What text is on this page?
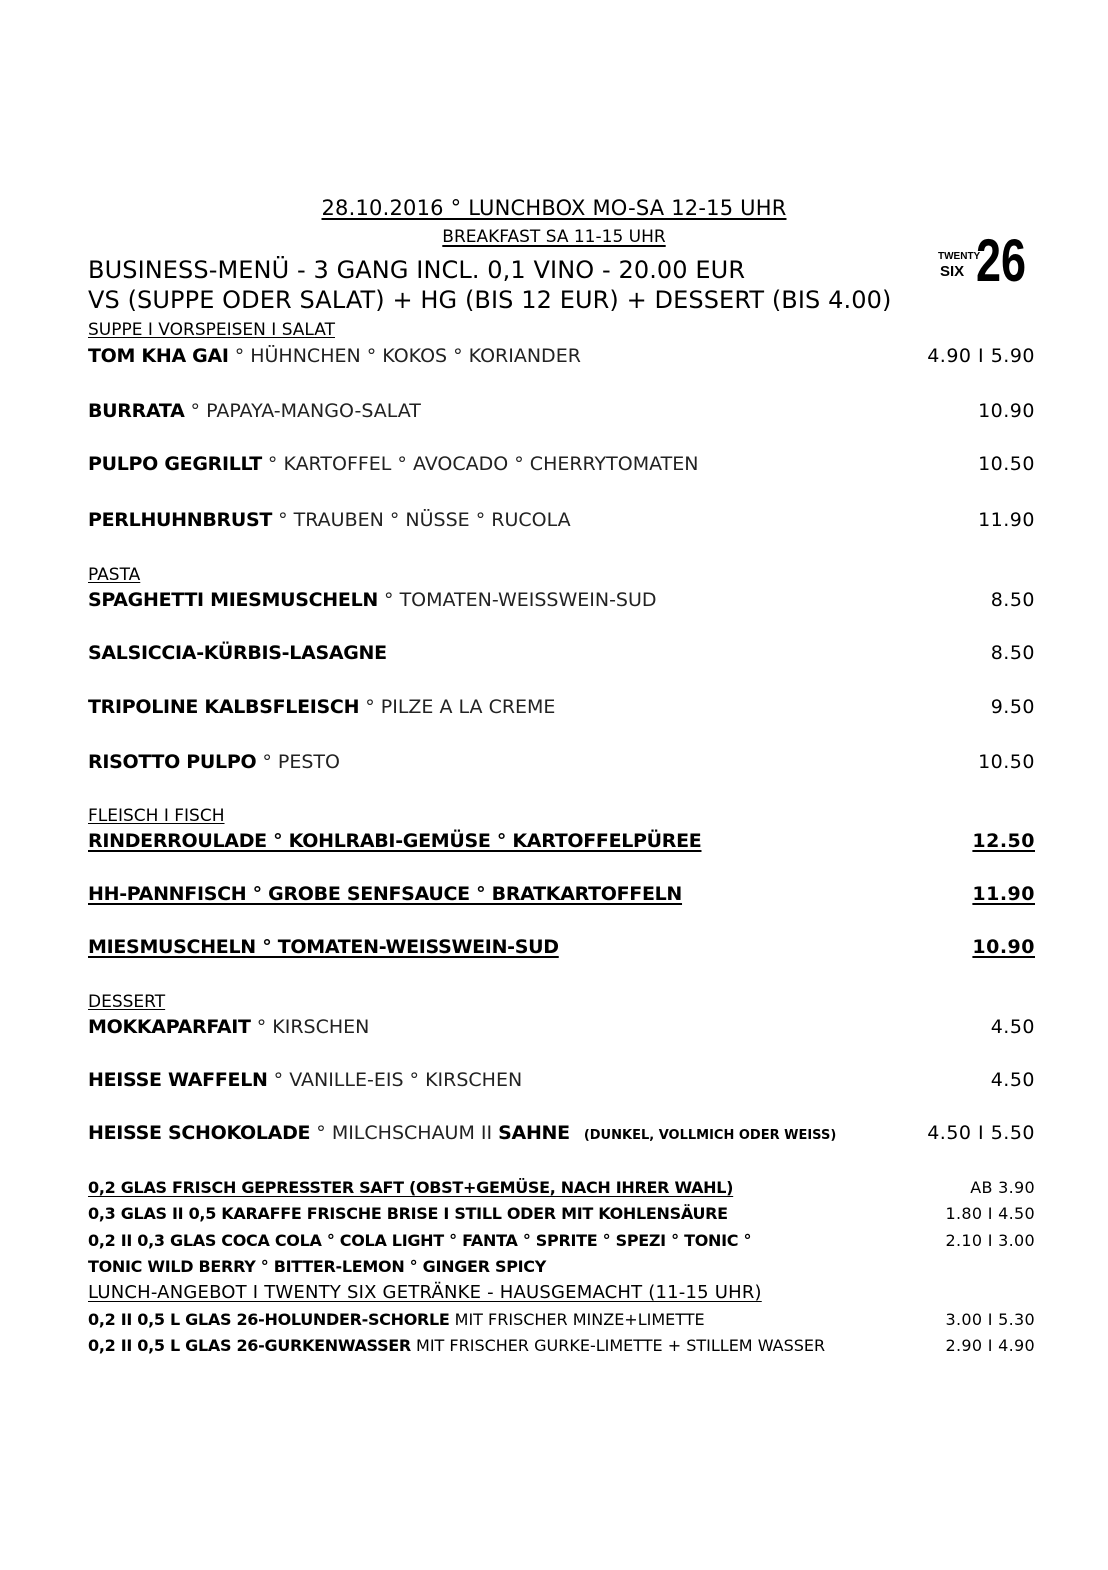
28.10.2016 ° LUNCHBOX MO-SA 12-15 UHR
BREAKFAST SA 11-15 UHR
BUSINESS-MENÜ - 3 GANG INCL. 0,1 VINO - 20.00 EUR
VS (SUPPE ODER SALAT) + HG (BIS 12 EUR) + DESSERT (BIS 4.00)
TWENTY
SIX 26
SUPPE I VORSPEISEN I SALAT
TOM KHA GAI ° HÜHNCHEN ° KOKOS ° KORIANDER	4.90 I 5.90
BURRATA ° PAPAYA-MANGO-SALAT	10.90
PULPO GEGRILLT ° KARTOFFEL ° AVOCADO ° CHERRYTOMATEN	10.50
PERLHUHNBRUST ° TRAUBEN ° NÜSSE ° RUCOLA	11.90
PASTA
SPAGHETTI MIESMUSCHELN ° TOMATEN-WEISSWEIN-SUD	8.50
SALSICCIA-KÜRBIS-LASAGNE	8.50
TRIPOLINE KALBSFLEISCH ° PILZE A LA CREME	9.50
RISOTTO PULPO ° PESTO	10.50
FLEISCH I FISCH
RINDERROULADE ° KOHLRABI-GEMÜSE ° KARTOFFELPÜREE	12.50
HH-PANNFISCH ° GROBE SENFSAUCE ° BRATKARTOFFELN	11.90
MIESMUSCHELN ° TOMATEN-WEISSWEIN-SUD	10.90
DESSERT
MOKKAPARFAIT ° KIRSCHEN	4.50
HEISSE WAFFELN ° VANILLE-EIS ° KIRSCHEN	4.50
HEISSE SCHOKOLADE ° MILCHSCHAUM II SAHNE (DUNKEL, VOLLMICH ODER WEISS)	4.50 I 5.50
0,2 GLAS FRISCH GEPRESSTER SAFT (OBST+GEMÜSE, NACH IHRER WAHL)	AB 3.90
0,3 GLAS II 0,5 KARAFFE FRISCHE BRISE I STILL ODER MIT KOHLENSÄURE	1.80 I 4.50
0,2 II 0,3 GLAS COCA COLA ° COLA LIGHT ° FANTA ° SPRITE ° SPEZI ° TONIC °	2.10 I 3.00
TONIC WILD BERRY ° BITTER-LEMON ° GINGER SPICY
LUNCH-ANGEBOT I TWENTY SIX GETRÄNKE - HAUSGEMACHT (11-15 UHR)
0,2 II 0,5 L GLAS 26-HOLUNDER-SCHORLE MIT FRISCHER MINZE+LIMETTE	3.00 I 5.30
0,2 II 0,5 L GLAS 26-GURKENWASSER MIT FRISCHER GURKE-LIMETTE + STILLEM WASSER	2.90 I 4.90
